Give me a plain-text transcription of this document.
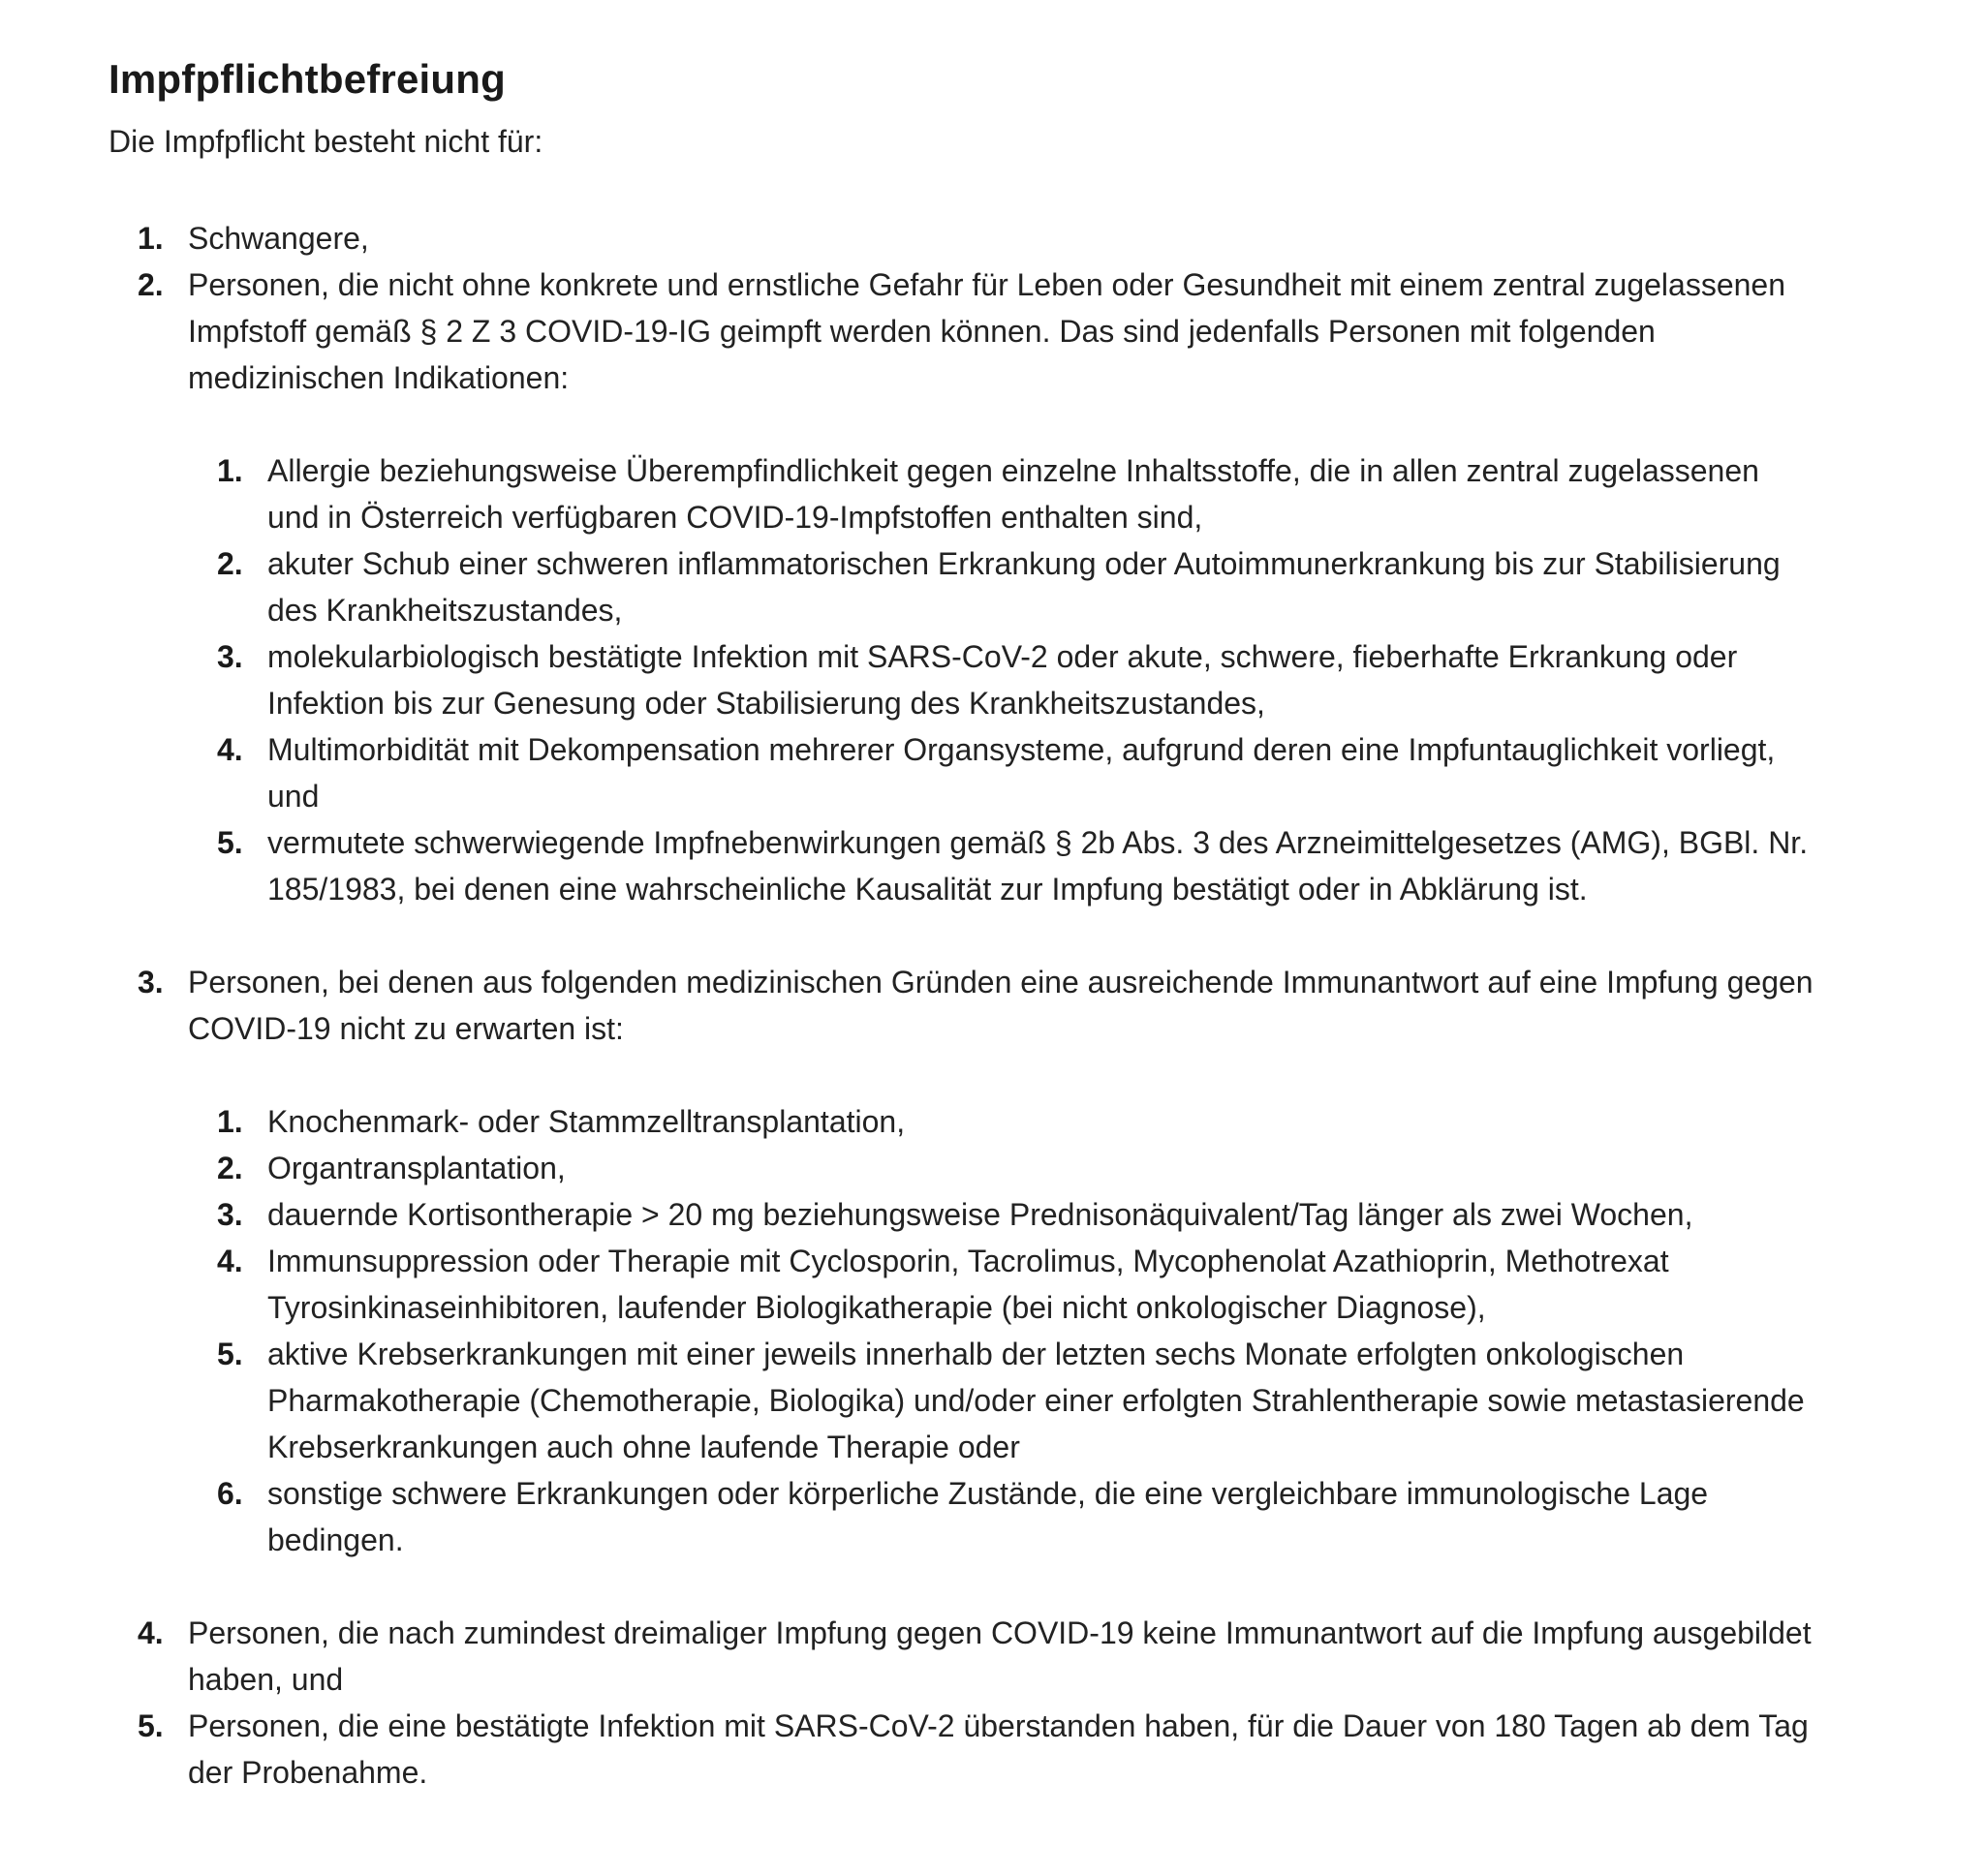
Impfpflichtbefreiung

Die Impfpflicht besteht nicht für:

1. Schwangere,
2. Personen, die nicht ohne konkrete und ernstliche Gefahr für Leben oder Gesundheit mit einem zentral zugelassenen Impfstoff gemäß § 2 Z 3 COVID-19-IG geimpft werden können. Das sind jedenfalls Personen mit folgenden medizinischen Indikationen:
1. Allergie beziehungsweise Überempfindlichkeit gegen einzelne Inhaltsstoffe, die in allen zentral zugelassenen und in Österreich verfügbaren COVID-19-Impfstoffen enthalten sind,
2. akuter Schub einer schweren inflammatorischen Erkrankung oder Autoimmunerkrankung bis zur Stabilisierung des Krankheitszustandes,
3. molekularbiologisch bestätigte Infektion mit SARS-CoV-2 oder akute, schwere, fieberhafte Erkrankung oder Infektion bis zur Genesung oder Stabilisierung des Krankheitszustandes,
4. Multimorbidität mit Dekompensation mehrerer Organsysteme, aufgrund deren eine Impfuntauglichkeit vorliegt, und
5. vermutete schwerwiegende Impfnebenwirkungen gemäß § 2b Abs. 3 des Arzneimittelgesetzes (AMG), BGBl. Nr. 185/1983, bei denen eine wahrscheinliche Kausalität zur Impfung bestätigt oder in Abklärung ist.
3. Personen, bei denen aus folgenden medizinischen Gründen eine ausreichende Immunantwort auf eine Impfung gegen COVID-19 nicht zu erwarten ist:
1. Knochenmark- oder Stammzelltransplantation,
2. Organtransplantation,
3. dauernde Kortisontherapie > 20 mg beziehungsweise Prednisonäquivalent/Tag länger als zwei Wochen,
4. Immunsuppression oder Therapie mit Cyclosporin, Tacrolimus, Mycophenolat Azathioprin, Methotrexat Tyrosinkinaseinhibitoren, laufender Biologikatherapie (bei nicht onkologischer Diagnose),
5. aktive Krebserkrankungen mit einer jeweils innerhalb der letzten sechs Monate erfolgten onkologischen Pharmakotherapie (Chemotherapie, Biologika) und/oder einer erfolgten Strahlentherapie sowie metastasierende Krebserkrankungen auch ohne laufende Therapie oder
6. sonstige schwere Erkrankungen oder körperliche Zustände, die eine vergleichbare immunologische Lage bedingen.
4. Personen, die nach zumindest dreimaliger Impfung gegen COVID-19 keine Immunantwort auf die Impfung ausgebildet haben, und
5. Personen, die eine bestätigte Infektion mit SARS-CoV-2 überstanden haben, für die Dauer von 180 Tagen ab dem Tag der Probenahme.
